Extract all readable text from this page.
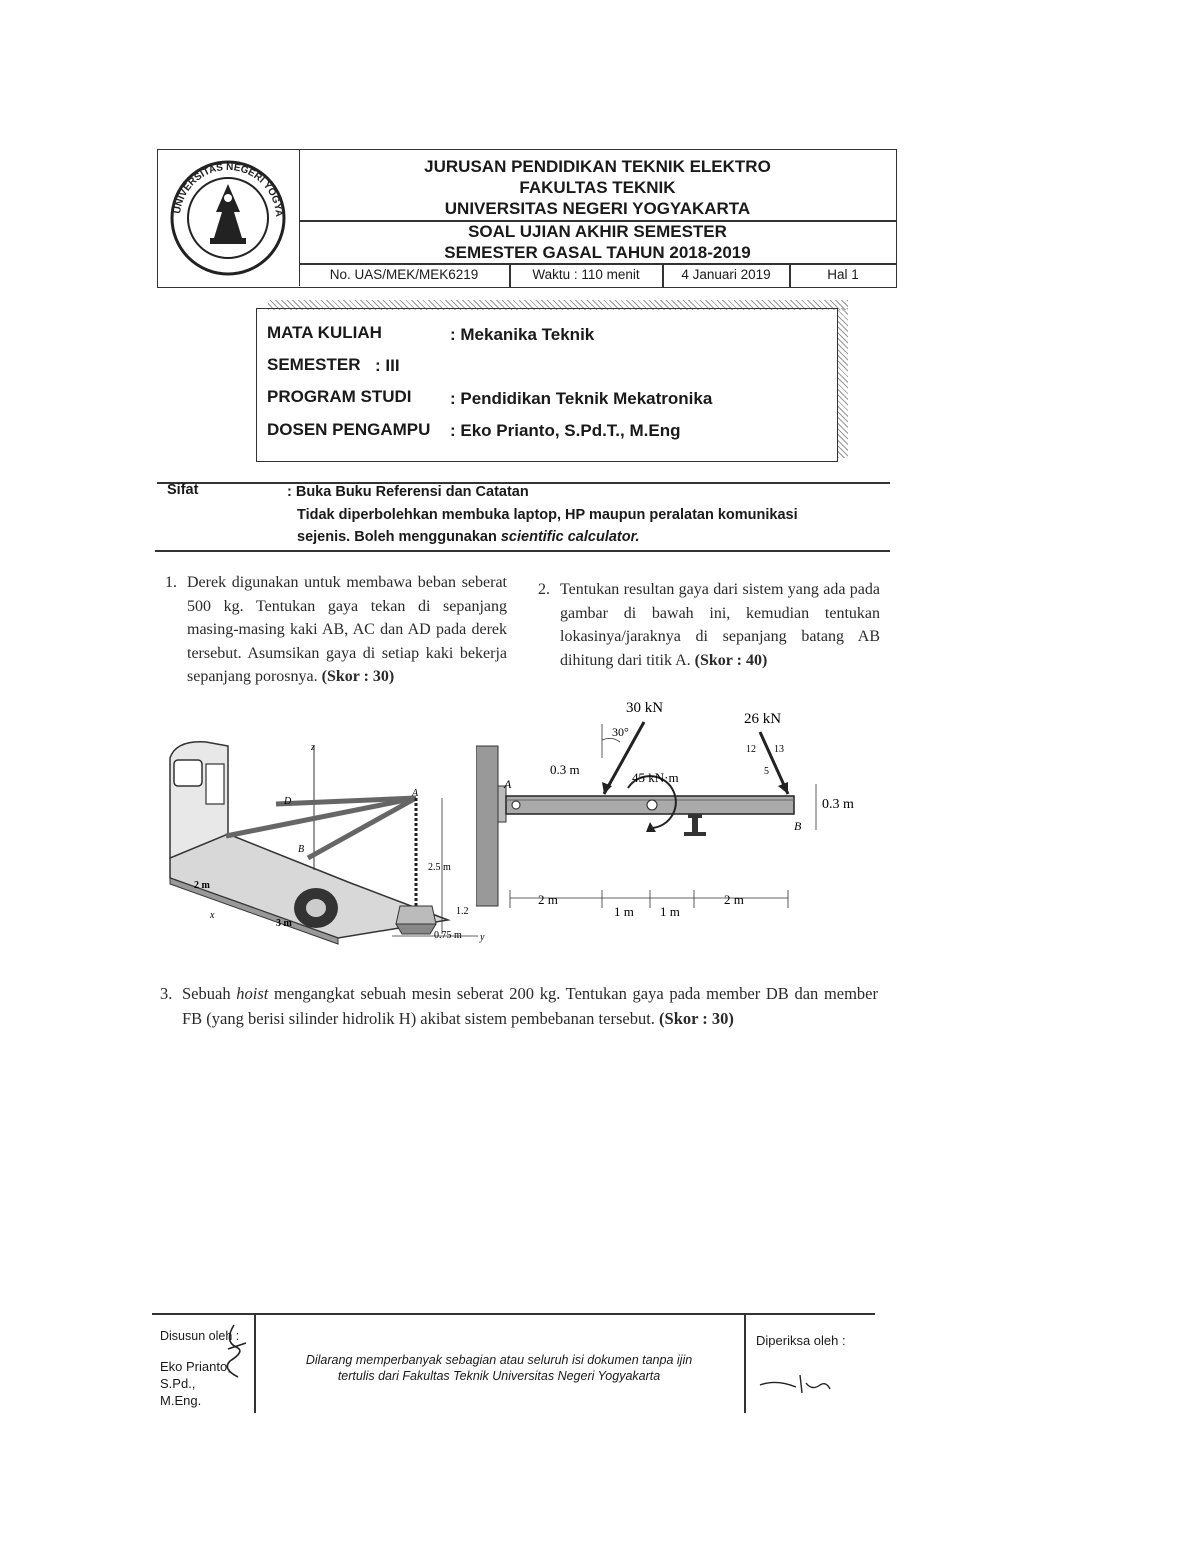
UNIVERSITAS NEGERI YOGYA
JURUSAN PENDIDIKAN TEKNIK ELEKTRO
FAKULTAS TEKNIK
UNIVERSITAS NEGERI YOGYAKARTA
SOAL UJIAN AKHIR SEMESTER
SEMESTER GASAL TAHUN 2018-2019
No. UAS/MEK/MEK6219	Waktu : 110 menit	4 Januari 2019	Hal 1
MATA KULIAH	: Mekanika Teknik
SEMESTER : III
PROGRAM STUDI : Pendidikan Teknik Mekatronika
DOSEN PENGAMPU : Eko Prianto, S.Pd.T., M.Eng
Sifat	: Buka Buku Referensi dan Catatan
Tidak diperbolehkan membuka laptop, HP maupun peralatan komunikasi
sejenis. Boleh menggunakan scientific calculator.
1. Derek digunakan untuk membawa beban seberat 500 kg. Tentukan gaya tekan di sepanjang masing-masing kaki AB, AC dan AD pada derek tersebut. Asumsikan gaya di setiap kaki bekerja sepanjang porosnya. (Skor : 30)

2. Tentukan resultan gaya dari sistem yang ada pada gambar di bawah ini, kemudian tentukan lokasinya/jaraknya di sepanjang batang AB dihitung dari titik A. (Skor : 40)

z
A
B
D
x
y
2.5 m
2 m
3 m
1.2
0.75 m
30 kN
26 kN
30°
0.3 m
45 kN·m
12 13
5
A
B
0.3 m
2 m
1 m 1 m
2 m
3. Sebuah hoist mengangkat sebuah mesin seberat 200 kg. Tentukan gaya pada member DB dan member FB (yang berisi silinder hidrolik H) akibat sistem pembebanan tersebut. (Skor : 30)

Disusun oleh :
Eko Prianto,
S.Pd.,
M.Eng.
Dilarang memperbanyak sebagian atau seluruh isi dokumen tanpa ijin
tertulis dari Fakultas Teknik Universitas Negeri Yogyakarta
Diperiksa oleh :
